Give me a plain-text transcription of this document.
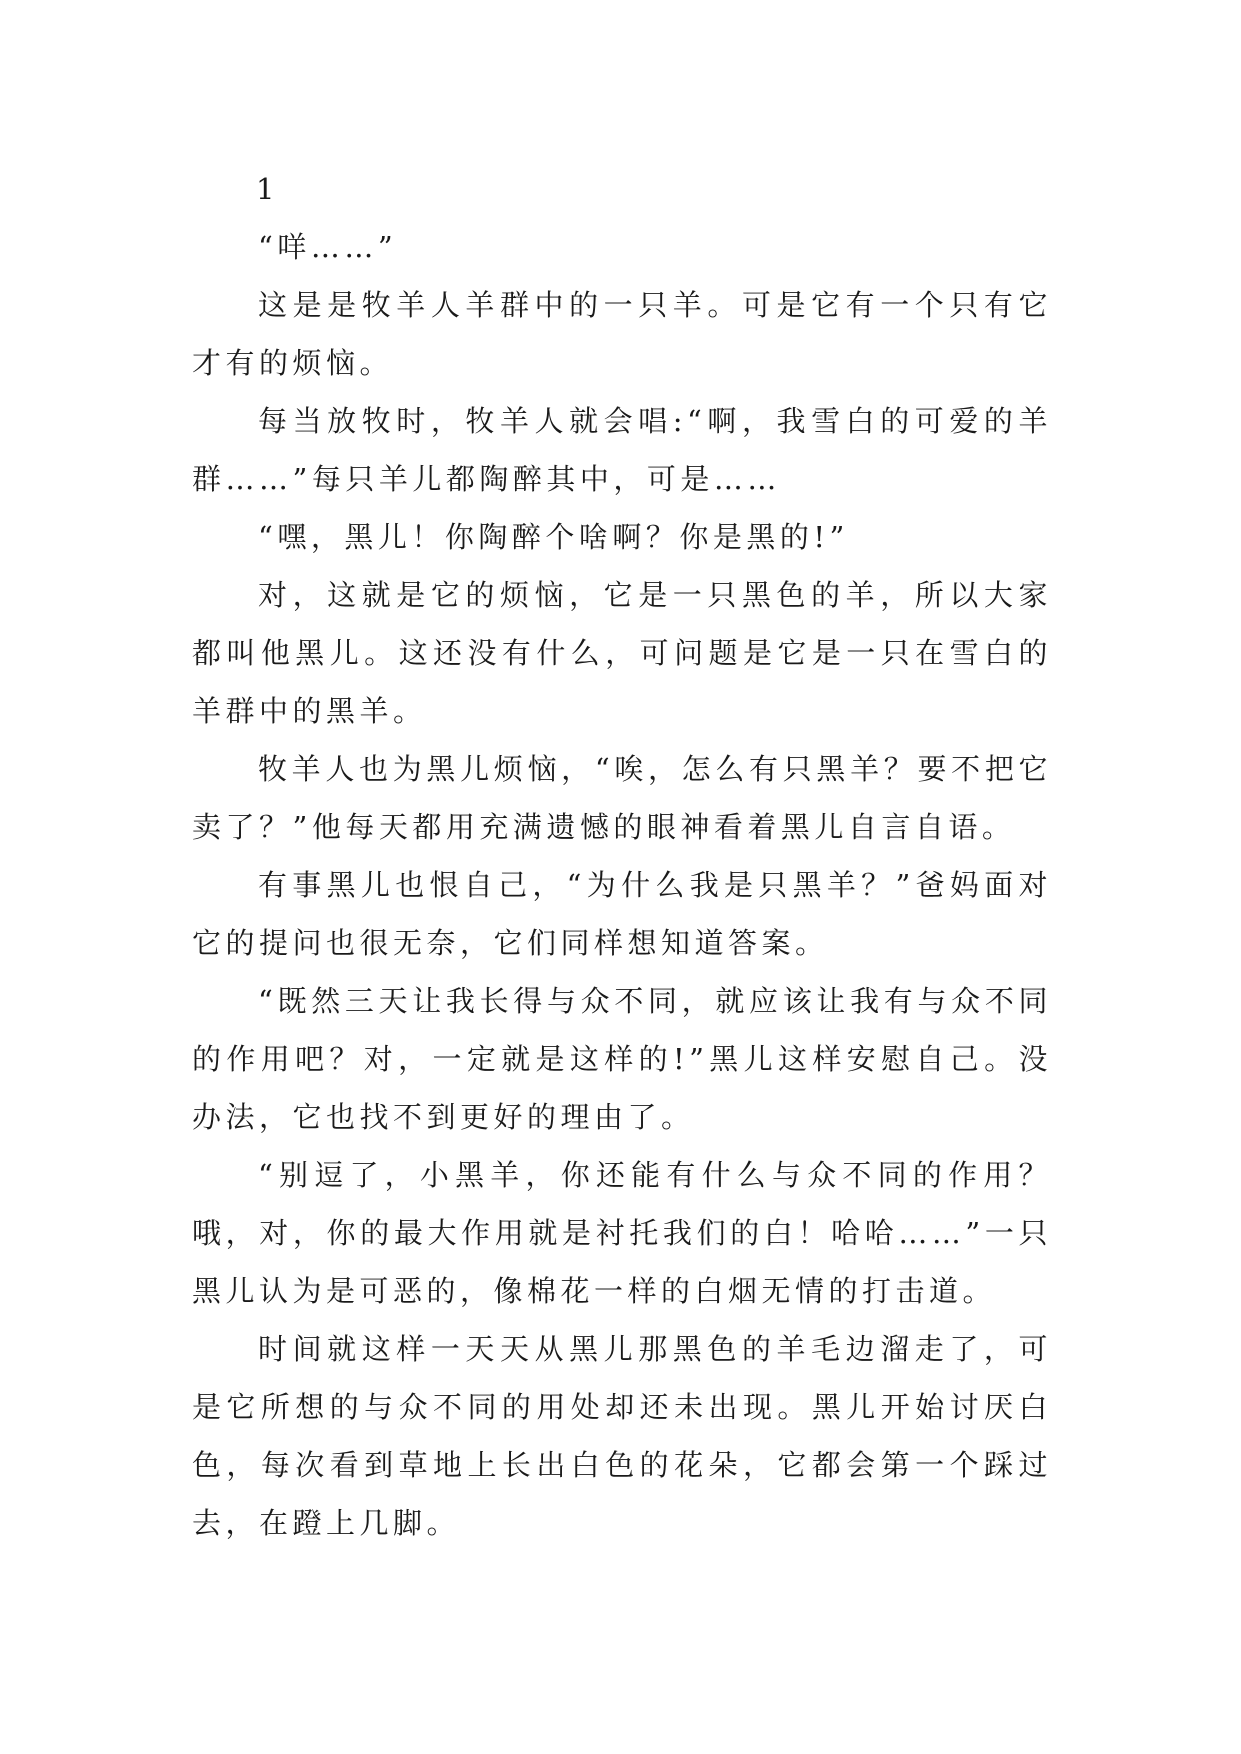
1

“咩……”

这是是牧羊人羊群中的一只羊。可是它有一个只有它才有的烦恼。

每当放牧时，牧羊人就会唱:“啊，我雪白的可爱的羊群……”每只羊儿都陶醉其中，可是……

“嘿，黑儿！你陶醉个啥啊？你是黑的!”

对，这就是它的烦恼，它是一只黑色的羊，所以大家都叫他黑儿。这还没有什么，可问题是它是一只在雪白的羊群中的黑羊。

牧羊人也为黑儿烦恼，“唉，怎么有只黑羊？要不把它卖了？”他每天都用充满遗憾的眼神看着黑儿自言自语。

有事黑儿也恨自己，“为什么我是只黑羊？”爸妈面对它的提问也很无奈，它们同样想知道答案。

“既然三天让我长得与众不同，就应该让我有与众不同的作用吧？对，一定就是这样的!”黑儿这样安慰自己。没办法，它也找不到更好的理由了。

“别逗了，小黑羊，你还能有什么与众不同的作用？哦，对，你的最大作用就是衬托我们的白！哈哈……”一只黑儿认为是可恶的，像棉花一样的白烟无情的打击道。

时间就这样一天天从黑儿那黑色的羊毛边溜走了，可是它所想的与众不同的用处却还未出现。黑儿开始讨厌白色，每次看到草地上长出白色的花朵，它都会第一个踩过去，在蹬上几脚。
